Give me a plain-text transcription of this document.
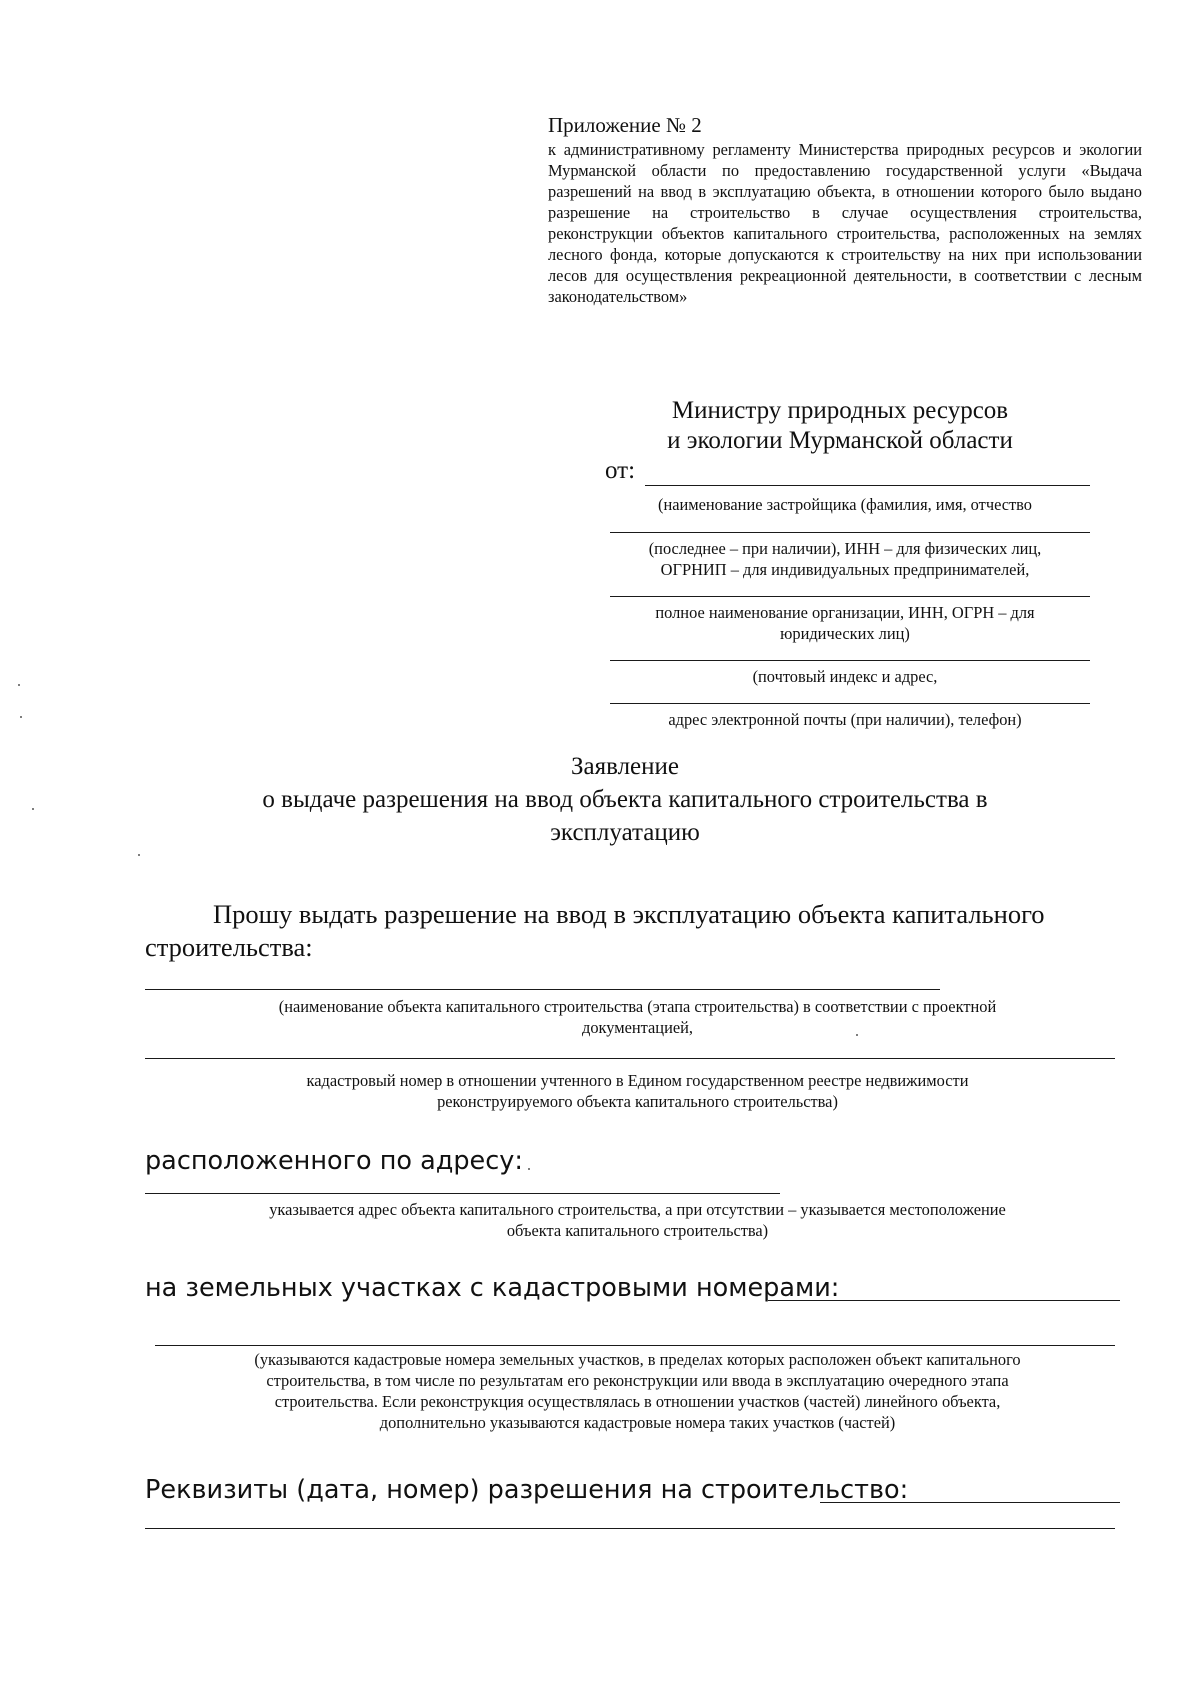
Приложение № 2
к административному регламенту Министерства природных ресурсов и экологии Мурманской области по предоставлению государственной услуги «Выдача разрешений на ввод в эксплуатацию объекта, в отношении которого было выдано разрешение на строительство в случае осуществления строительства, реконструкции объектов капитального строительства, расположенных на землях лесного фонда, которые допускаются к строительству на них при использовании лесов для осуществления рекреационной деятельности, в соответствии с лесным законодательством»
Министру природных ресурсов
и экологии Мурманской области
от:
(наименование застройщика (фамилия, имя, отчество
(последнее – при наличии), ИНН – для физических лиц,
ОГРНИП – для индивидуальных предпринимателей,
полное наименование организации, ИНН, ОГРН – для
юридических лиц)
(почтовый индекс и адрес,
адрес электронной почты (при наличии), телефон)
Заявление
о выдаче разрешения на ввод объекта капитального строительства в
эксплуатацию
Прошу выдать разрешение на ввод в эксплуатацию объекта капитального строительства:
(наименование объекта капитального строительства (этапа строительства) в соответствии с проектной
документацией,
кадастровый номер в отношении учтенного в Едином государственном реестре недвижимости
реконструируемого объекта капитального строительства)
расположенного по адресу:
указывается адрес объекта капитального строительства, а при отсутствии – указывается местоположение
объекта капитального строительства)
на земельных участках с кадастровыми номерами:
(указываются кадастровые номера земельных участков, в пределах которых расположен объект капитального
строительства, в том числе по результатам его реконструкции или ввода в эксплуатацию очередного этапа
строительства. Если реконструкция осуществлялась в отношении участков (частей) линейного объекта,
дополнительно указываются кадастровые номера таких участков (частей)
Реквизиты (дата, номер) разрешения на строительство:
